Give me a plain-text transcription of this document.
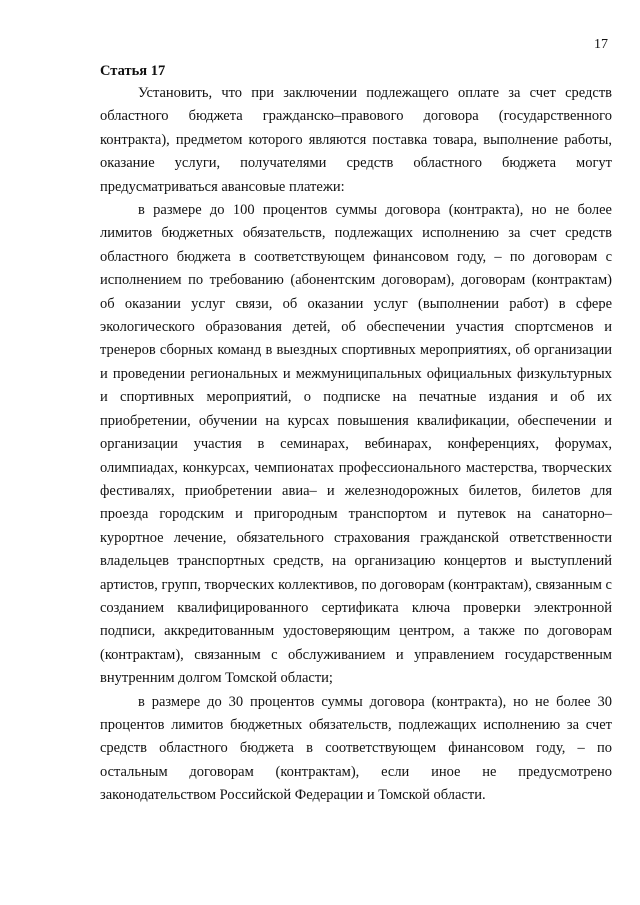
17
Статья 17

Установить, что при заключении подлежащего оплате за счет средств областного бюджета гражданско–правового договора (государственного контракта), предметом которого являются поставка товара, выполнение работы, оказание услуги, получателями средств областного бюджета могут предусматриваться авансовые платежи:

в размере до 100 процентов суммы договора (контракта), но не более лимитов бюджетных обязательств, подлежащих исполнению за счет средств областного бюджета в соответствующем финансовом году, – по договорам с исполнением по требованию (абонентским договорам), договорам (контрактам) об оказании услуг связи, об оказании услуг (выполнении работ) в сфере экологического образования детей, об обеспечении участия спортсменов и тренеров сборных команд в выездных спортивных мероприятиях, об организации и проведении региональных и межмуниципальных официальных физкультурных и спортивных мероприятий, о подписке на печатные издания и об их приобретении, обучении на курсах повышения квалификации, обеспечении и организации участия в семинарах, вебинарах, конференциях, форумах, олимпиадах, конкурсах, чемпионатах профессионального мастерства, творческих фестивалях, приобретении авиа– и железнодорожных билетов, билетов для проезда городским и пригородным транспортом и путевок на санаторно–курортное лечение, обязательного страхования гражданской ответственности владельцев транспортных средств, на организацию концертов и выступлений артистов, групп, творческих коллективов, по договорам (контрактам), связанным с созданием квалифицированного сертификата ключа проверки электронной подписи, аккредитованным удостоверяющим центром, а также по договорам (контрактам), связанным с обслуживанием и управлением государственным внутренним долгом Томской области;

в размере до 30 процентов суммы договора (контракта), но не более 30 процентов лимитов бюджетных обязательств, подлежащих исполнению за счет средств областного бюджета в соответствующем финансовом году, – по остальным договорам (контрактам), если иное не предусмотрено законодательством Российской Федерации и Томской области.
